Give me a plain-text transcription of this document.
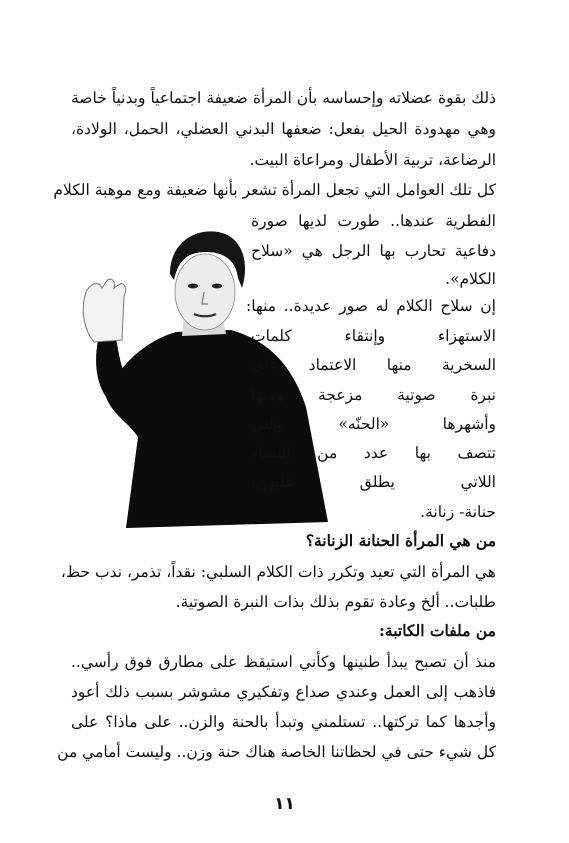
ذلك بقوة عضلاته وإحساسه بأن المرأة ضعيفة اجتماعياً وبدنياً خاصة
وهي مهدودة الحيل بفعل: ضعفها البدني العضلي، الحمل، الولادة،
الرضاعة، تربية الأطفال ومراعاة البيت.
كل تلك العوامل التي تجعل المرأة تشعر بأنها ضعيفة ومع موهبة الكلام
الفطرية عندها.. طورت لديها صورة
دفاعية تحارب بها الرجل هي «سلاح
الكلام».
إن سلاح الكلام له صور عديدة.. منها:
الاستهزاء وإنتقاء كلمات
السخرية منها الاعتماد على
نبرة صوتية مزعجة ومنها
وأشهرها «الحنّه» والتي
تتصف بها عدد من النساء
اللاتي يطلق عليهن:
حنانة- زنانة.
من هي المرأة الحنانة الزنانة؟
هي المرأة التي تعيد وتكرر ذات الكلام السلبي: نقداً، تذمر، ندب حظ،
طلبات.. ألخ وعادة تقوم بذلك بذات النبرة الصوتية.
من ملفات الكاتبة:
منذ أن تصبح يبدأ طنينها وكأني استيقظ على مطارق فوق رأسي..
فاذهب إلى العمل وعندي صداع وتفكيري مشوشر بسبب ذلك أعود
وأجدها كما تركتها.. تستلمني وتبدأ بالحنة والزن.. على ماذا؟ على
كل شيء حتى في لحظاتنا الخاصة هناك حنة وزن.. وليست أمامي من
١١
